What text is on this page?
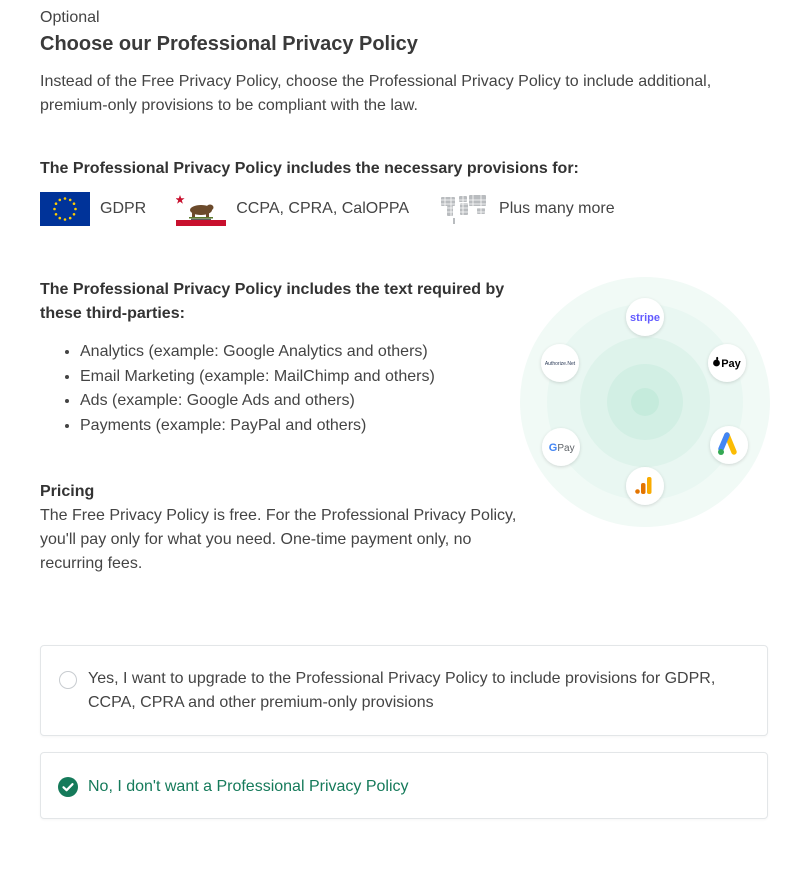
Optional
Choose our Professional Privacy Policy
Instead of the Free Privacy Policy, choose the Professional Privacy Policy to include additional, premium-only provisions to be compliant with the law.
The Professional Privacy Policy includes the necessary provisions for:
GDPR	CCPA, CPRA, CalOPPA	Plus many more
The Professional Privacy Policy includes the text required by these third-parties:
• Analytics (example: Google Analytics and others)
• Email Marketing (example: MailChimp and others)
• Ads (example: Google Ads and others)
• Payments (example: PayPal and others)
Pricing
The Free Privacy Policy is free. For the Professional Privacy Policy, you'll pay only for what you need. One-time payment only, no recurring fees.
stripe
Pay
Authorize.Net
G Pay
Yes, I want to upgrade to the Professional Privacy Policy to include provisions for GDPR, CCPA, CPRA and other premium-only provisions
No, I don't want a Professional Privacy Policy
